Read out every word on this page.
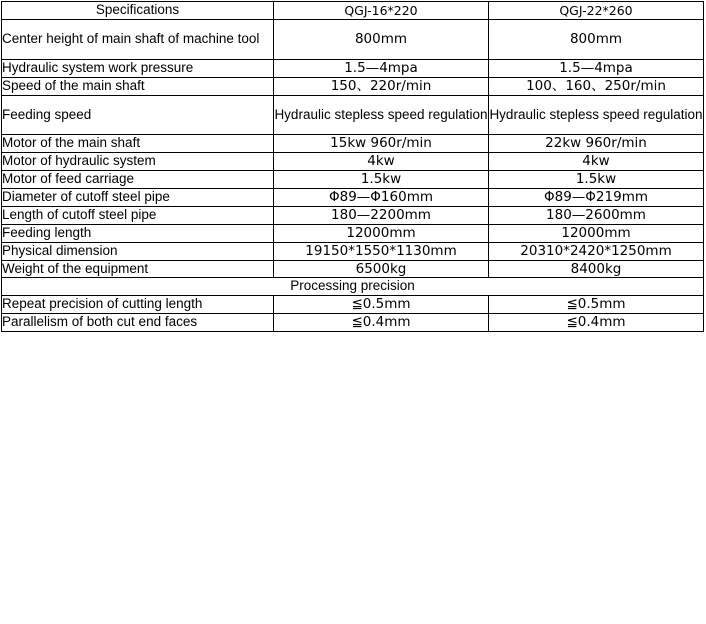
Specifications	QGJ-16*220	QGJ-22*260
Center height of main shaft of machine tool	800mm	800mm
Hydraulic system work pressure	1.5—4mpa	1.5—4mpa
Speed of the main shaft	150、220r/min	100、160、250r/min
Feeding speed	Hydraulic stepless speed regulation	Hydraulic stepless speed regulation
Motor of the main shaft	15kw 960r/min	22kw 960r/min
Motor of hydraulic system	4kw	4kw
Motor of feed carriage	1.5kw	1.5kw
Diameter of cutoff steel pipe	Φ89—Φ160mm	Φ89—Φ219mm
Length of cutoff steel pipe	180—2200mm	180—2600mm
Feeding length	12000mm	12000mm
Physical dimension	19150*1550*1130mm	20310*2420*1250mm
Weight of the equipment	6500kg	8400kg
Processing precision		
Repeat precision of cutting length	≦0.5mm	≦0.5mm
Parallelism of both cut end faces	≦0.4mm	≦0.4mm
